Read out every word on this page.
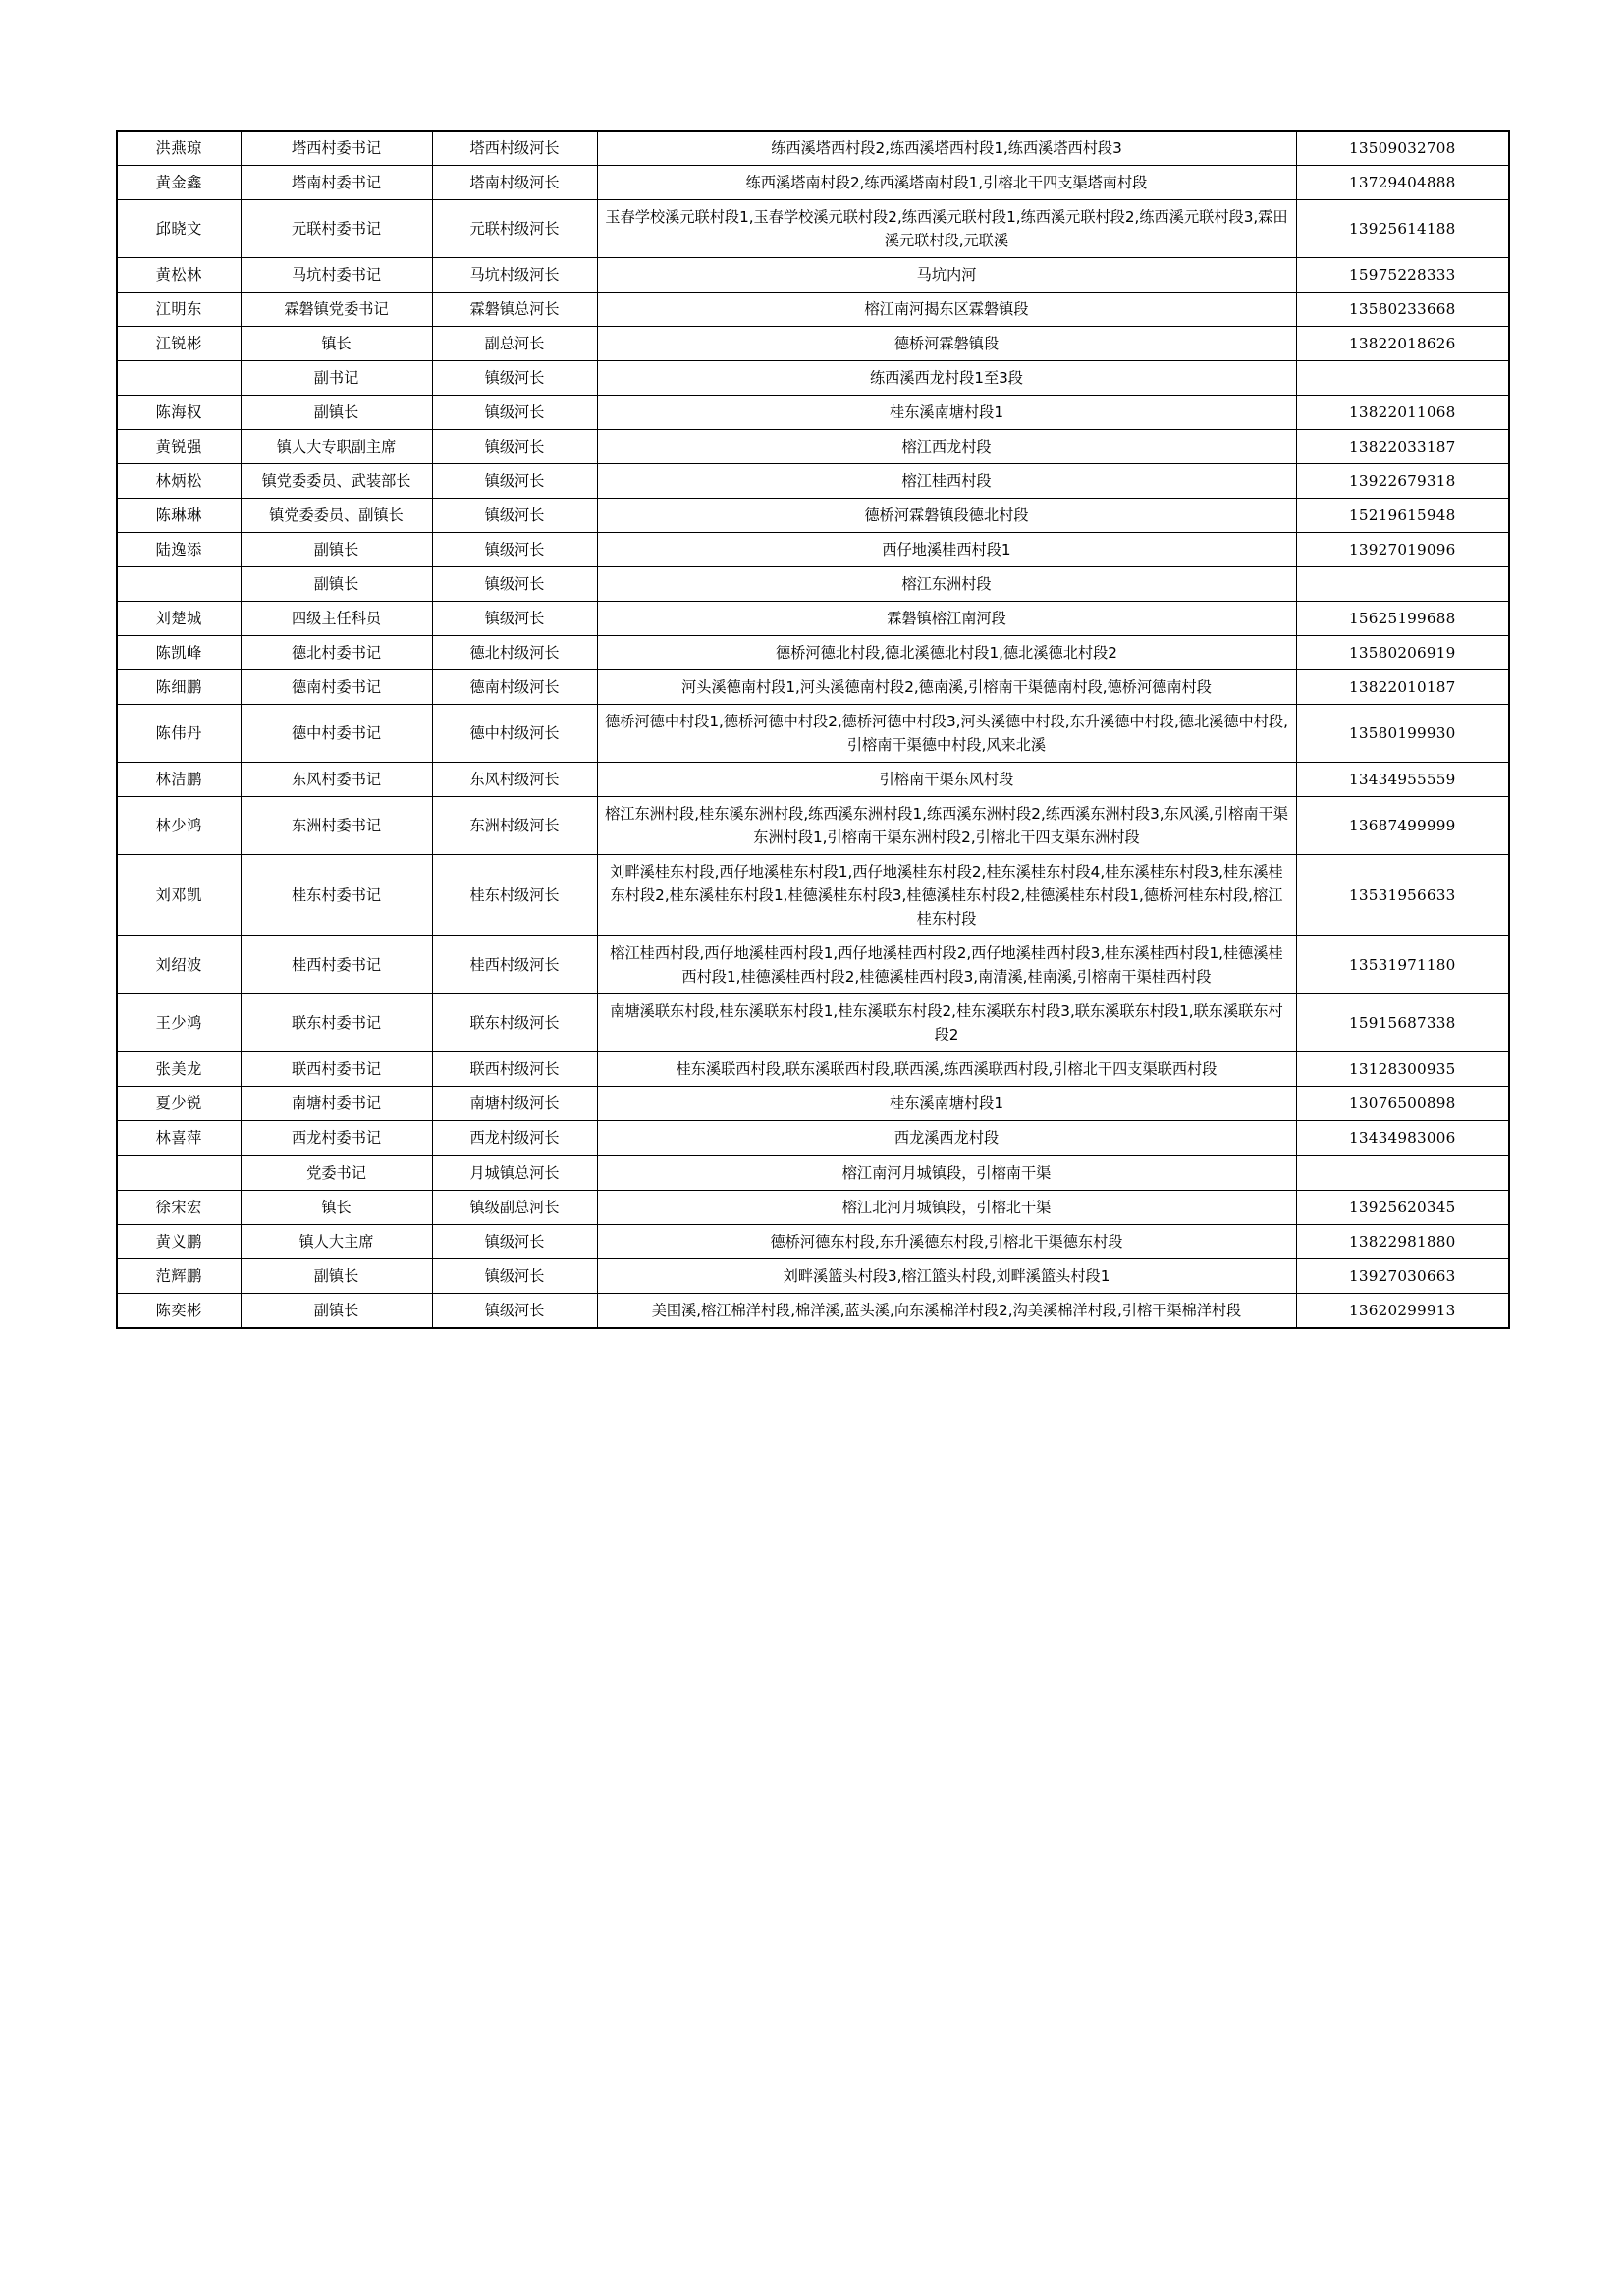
洪燕琼	塔西村委书记	塔西村级河长	练西溪塔西村段2,练西溪塔西村段1,练西溪塔西村段3	13509032708
黄金鑫	塔南村委书记	塔南村级河长	练西溪塔南村段2,练西溪塔南村段1,引榕北干四支渠塔南村段	13729404888
邱晓文	元联村委书记	元联村级河长	玉春学校溪元联村段1,玉春学校溪元联村段2,练西溪元联村段1,练西溪元联村段2,练西溪元联村段3,霖田溪元联村段,元联溪	13925614188
黄松林	马坑村委书记	马坑村级河长	马坑内河	15975228333
江明东	霖磐镇党委书记	霖磐镇总河长	榕江南河揭东区霖磐镇段	13580233668
江锐彬	镇长	副总河长	德桥河霖磐镇段	13822018626
	副书记	镇级河长	练西溪西龙村段1至3段	
陈海权	副镇长	镇级河长	桂东溪南塘村段1	13822011068
黄锐强	镇人大专职副主席	镇级河长	榕江西龙村段	13822033187
林炳松	镇党委委员、武装部长	镇级河长	榕江桂西村段	13922679318
陈琳琳	镇党委委员、副镇长	镇级河长	德桥河霖磐镇段德北村段	15219615948
陆逸添	副镇长	镇级河长	西仔地溪桂西村段1	13927019096
	副镇长	镇级河长	榕江东洲村段	
刘楚城	四级主任科员	镇级河长	霖磐镇榕江南河段	15625199688
陈凯峰	德北村委书记	德北村级河长	德桥河德北村段,德北溪德北村段1,德北溪德北村段2	13580206919
陈细鹏	德南村委书记	德南村级河长	河头溪德南村段1,河头溪德南村段2,德南溪,引榕南干渠德南村段,德桥河德南村段	13822010187
陈伟丹	德中村委书记	德中村级河长	德桥河德中村段1,德桥河德中村段2,德桥河德中村段3,河头溪德中村段,东升溪德中村段,德北溪德中村段,引榕南干渠德中村段,风来北溪	13580199930
林洁鹏	东风村委书记	东风村级河长	引榕南干渠东风村段	13434955559
林少鸿	东洲村委书记	东洲村级河长	榕江东洲村段,桂东溪东洲村段,练西溪东洲村段1,练西溪东洲村段2,练西溪东洲村段3,东风溪,引榕南干渠东洲村段1,引榕南干渠东洲村段2,引榕北干四支渠东洲村段	13687499999
刘邓凯	桂东村委书记	桂东村级河长	刘畔溪桂东村段,西仔地溪桂东村段1,西仔地溪桂东村段2,桂东溪桂东村段4,桂东溪桂东村段3,桂东溪桂东村段2,桂东溪桂东村段1,桂德溪桂东村段3,桂德溪桂东村段2,桂德溪桂东村段1,德桥河桂东村段,榕江桂东村段	13531956633
刘绍波	桂西村委书记	桂西村级河长	榕江桂西村段,西仔地溪桂西村段1,西仔地溪桂西村段2,西仔地溪桂西村段3,桂东溪桂西村段1,桂德溪桂西村段1,桂德溪桂西村段2,桂德溪桂西村段3,南清溪,桂南溪,引榕南干渠桂西村段	13531971180
王少鸿	联东村委书记	联东村级河长	南塘溪联东村段,桂东溪联东村段1,桂东溪联东村段2,桂东溪联东村段3,联东溪联东村段1,联东溪联东村段2	15915687338
张美龙	联西村委书记	联西村级河长	桂东溪联西村段,联东溪联西村段,联西溪,练西溪联西村段,引榕北干四支渠联西村段	13128300935
夏少锐	南塘村委书记	南塘村级河长	桂东溪南塘村段1	13076500898
林喜萍	西龙村委书记	西龙村级河长	西龙溪西龙村段	13434983006
	党委书记	月城镇总河长	榕江南河月城镇段，引榕南干渠	
徐宋宏	镇长	镇级副总河长	榕江北河月城镇段，引榕北干渠	13925620345
黄义鹏	镇人大主席	镇级河长	德桥河德东村段,东升溪德东村段,引榕北干渠德东村段	13822981880
范辉鹏	副镇长	镇级河长	刘畔溪篮头村段3,榕江篮头村段,刘畔溪篮头村段1	13927030663
陈奕彬	副镇长	镇级河长	美围溪,榕江棉洋村段,棉洋溪,蓝头溪,向东溪棉洋村段2,沟美溪棉洋村段,引榕干渠棉洋村段	13620299913
